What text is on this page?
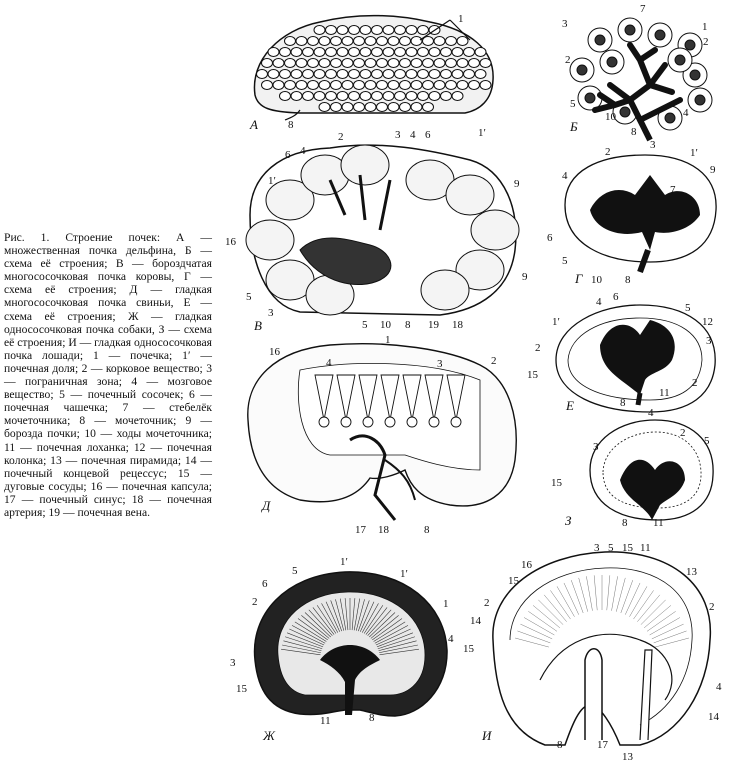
Рис. 1. Строение почек: А — множественная почка дельфина, Б — схема её строения; В — бороздчатая многососочковая почка коровы, Г — схема её строения; Д — гладкая многососочковая почка свиньи, Е — схема её строения; Ж — гладкая однососочковая почка собаки, З — схема её строения; И — гладкая однососочковая почка лошади; 1 — почечка; 1′ — почечная доля; 2 — корковое вещество; 3 — пограничная зона; 4 — мозговое вещество; 5 — почечный сосочек; 6 — почечная чашечка; 7 — стебелёк мочеточника; 8 — мочеточник; 9 — борозда почки; 10 — ходы мочеточника; 11 — почечная лоханка; 12 — почечная колонка; 13 — почечная пирамида; 14 — почечный концевой рецессус; 15 — дуговые сосуды; 16 — почечная капсула; 17 — почечный синус; 18 — почечная артерия; 19 — почечная вена.
А
1
8	Б
3
7
1
2
2
5
10
8
4
В
2	3 4 6	1′
6 4
1′
16
5
3
5 10 8 19 18
9
9	Г
2
3
1′
4	9
7
6
5
10 8
Д
16
4	3
1
2
17 18	8
Е
1′
4 6
5
12
3
2
15
8
11
2
З
4
2
3	5
15
8 11
Ж
1′
1′
6
5
2	1
4
3
15
11	8
И
3 5 15 11
13
16
15
2
14
15
2
4
14
8	17
13
